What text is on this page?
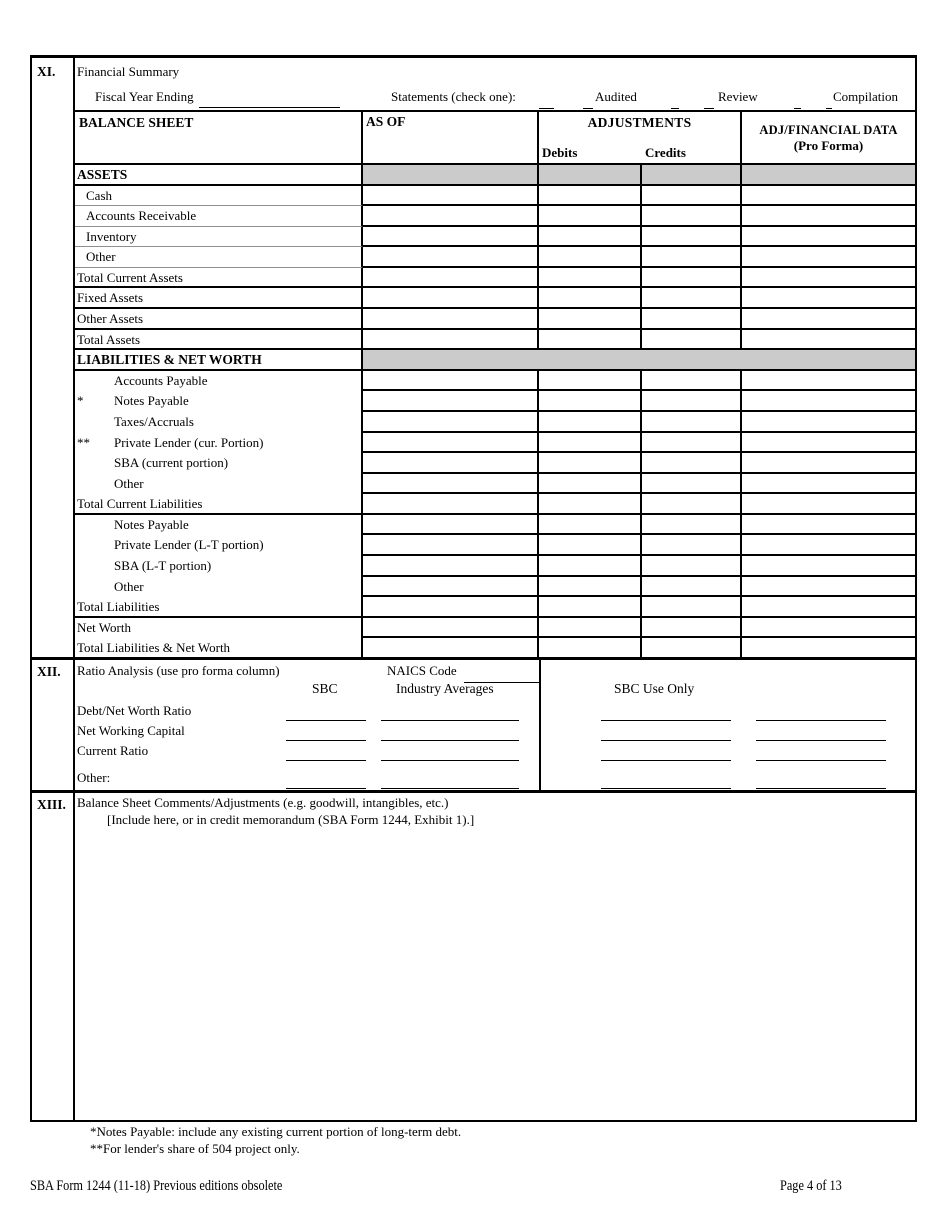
XI.
XII.
XIII.
Financial Summary
Fiscal Year Ending	Statements (check one):	Audited	Review	Compilation
BALANCE SHEET	AS OF	ADJUSTMENTS
Debits	Credits
ADJ/FINANCIAL DATA
(Pro Forma)
ASSETS
Cash
Accounts Receivable
Inventory
Other
Total Current Assets
Fixed Assets
Other Assets
Total Assets
LIABILITIES & NET WORTH
Accounts Payable
* Notes Payable
Taxes/Accruals
** Private Lender (cur. Portion)
SBA (current portion)
Other
Total Current Liabilities
Notes Payable
Private Lender (L-T portion)
SBA (L-T portion)
Other
Total Liabilities
Net Worth
Total Liabilities & Net Worth
Ratio Analysis (use pro forma column)	NAICS Code
SBC	Industry Averages	SBC Use Only
Balance Sheet Comments/Adjustments (e.g. goodwill, intangibles, etc.)
[Include here, or in credit memorandum (SBA Form 1244, Exhibit 1).]
Debt/Net Worth Ratio
Net Working Capital
Current Ratio
Other:
*Notes Payable: include any existing current portion of long-term debt.
**For lender's share of 504 project only.
SBA Form 1244 (11-18) Previous editions obsolete	Page 4 of 13
